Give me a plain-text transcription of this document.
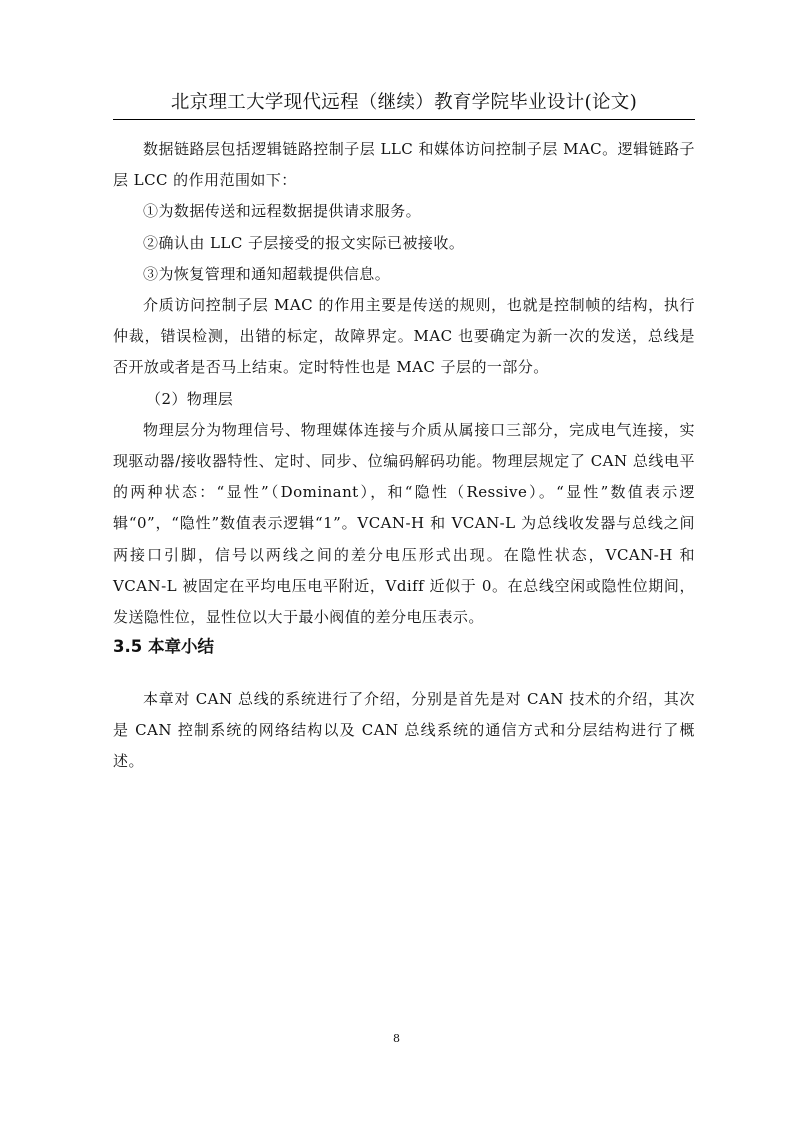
北京理工大学现代远程（继续）教育学院毕业设计(论文)

数据链路层包括逻辑链路控制子层 LLC 和媒体访问控制子层 MAC。逻辑链路子层 LCC 的作用范围如下：

①为数据传送和远程数据提供请求服务。

②确认由 LLC 子层接受的报文实际已被接收。

③为恢复管理和通知超载提供信息。

介质访问控制子层 MAC 的作用主要是传送的规则，也就是控制帧的结构，执行仲裁，错误检测，出错的标定，故障界定。MAC 也要确定为新一次的发送，总线是否开放或者是否马上结束。定时特性也是 MAC 子层的一部分。

（2）物理层

物理层分为物理信号、物理媒体连接与介质从属接口三部分，完成电气连接，实现驱动器/接收器特性、定时、同步、位编码解码功能。物理层规定了 CAN 总线电平的两种状态：“显性”（Dominant），和“隐性（Ressive）。“显性”数值表示逻辑“0”，“隐性”数值表示逻辑“1”。VCAN-H 和 VCAN-L 为总线收发器与总线之间两接口引脚，信号以两线之间的差分电压形式出现。在隐性状态，VCAN-H 和 VCAN-L 被固定在平均电压电平附近，Vdiff 近似于 0。在总线空闲或隐性位期间，发送隐性位，显性位以大于最小阀值的差分电压表示。

3.5 本章小结

本章对 CAN 总线的系统进行了介绍，分别是首先是对 CAN 技术的介绍，其次是 CAN 控制系统的网络结构以及 CAN 总线系统的通信方式和分层结构进行了概述。

8
